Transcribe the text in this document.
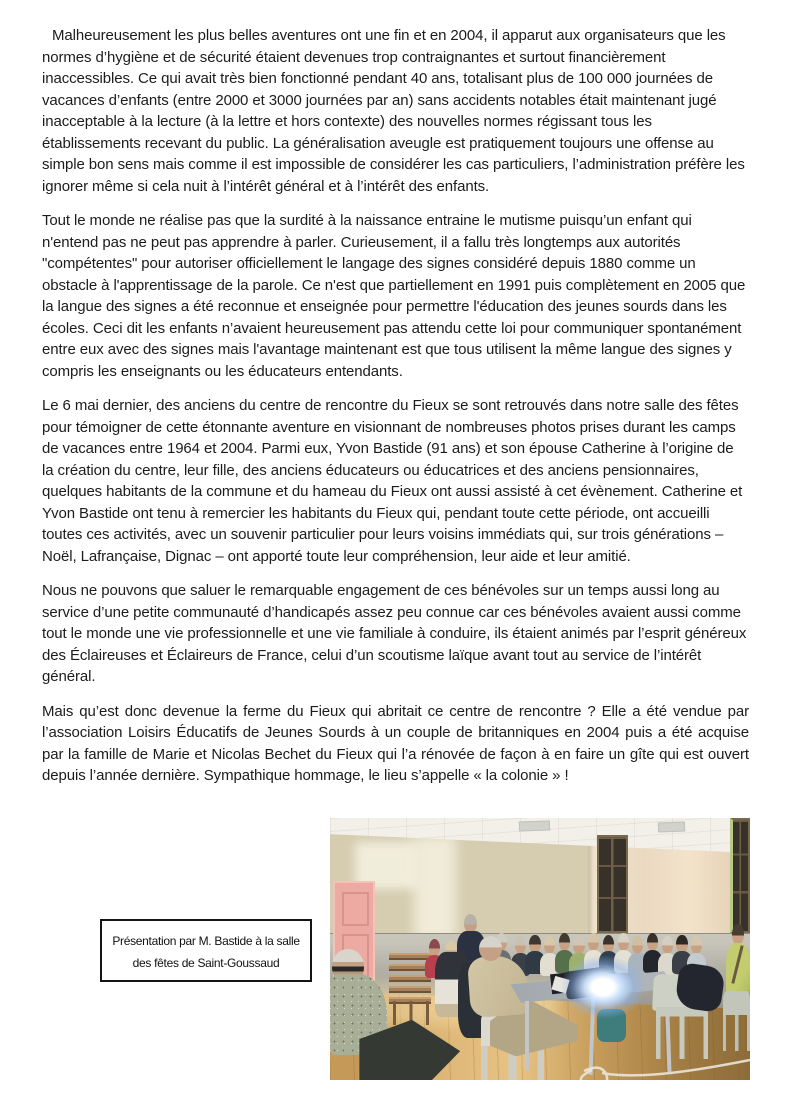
Malheureusement les plus belles aventures ont une fin et en 2004, il apparut aux organisateurs que les normes d’hygiène et de sécurité étaient devenues trop contraignantes et surtout financièrement inaccessibles. Ce qui avait très bien fonctionné pendant 40 ans, totalisant plus de 100 000 journées de vacances d’enfants (entre 2000 et 3000 journées par an) sans accidents notables était maintenant jugé inacceptable à la lecture (à la lettre et hors contexte) des nouvelles normes régissant tous les établissements recevant du public. La généralisation aveugle est pratiquement toujours une offense au simple bon sens mais comme il est impossible de considérer les cas particuliers, l’administration préfère les ignorer même si cela nuit à l’intérêt général et à l’intérêt des enfants.

Tout le monde ne réalise pas que la surdité à la naissance entraine le mutisme puisqu’un enfant qui n'entend pas ne peut pas apprendre à parler. Curieusement, il a fallu très longtemps aux autorités "compétentes" pour autoriser officiellement le langage des signes considéré depuis 1880 comme un obstacle à l'apprentissage de la parole. Ce n'est que partiellement en 1991 puis complètement en 2005 que la langue des signes a été reconnue et enseignée pour permettre l'éducation des jeunes sourds dans les écoles. Ceci dit les enfants n’avaient heureusement pas attendu cette loi pour communiquer spontanément entre eux avec des signes mais l'avantage maintenant est que tous utilisent la même langue des signes y compris les enseignants ou les éducateurs entendants.

Le 6 mai dernier, des anciens du centre de rencontre du Fieux se sont retrouvés dans notre salle des fêtes pour témoigner de cette étonnante aventure en visionnant de nombreuses photos prises durant les camps de vacances entre 1964 et 2004. Parmi eux, Yvon Bastide (91 ans) et son épouse Catherine à l’origine de la création du centre, leur fille, des anciens éducateurs ou éducatrices et des anciens pensionnaires, quelques habitants de la commune et du hameau du Fieux ont aussi assisté à cet évènement. Catherine et Yvon Bastide ont tenu à remercier les habitants du Fieux qui, pendant toute cette période, ont accueilli toutes ces activités, avec un souvenir particulier pour leurs voisins immédiats qui, sur trois générations – Noël, Lafrançaise, Dignac – ont apporté toute leur compréhension, leur aide et leur amitié.

Nous ne pouvons que saluer le remarquable engagement de ces bénévoles sur un temps aussi long au service d’une petite communauté d’handicapés assez peu connue car ces bénévoles avaient aussi comme tout le monde une vie professionnelle et une vie familiale à conduire, ils étaient animés par l’esprit généreux des Éclaireuses et Éclaireurs de France, celui d’un scoutisme laïque avant tout au service de l’intérêt général.

Mais qu’est donc devenue la ferme du Fieux qui abritait ce centre de rencontre ? Elle a été vendue par l’association Loisirs Éducatifs de Jeunes Sourds à un couple de britanniques en 2004 puis a été acquise par la famille de Marie et Nicolas Bechet du Fieux qui l’a rénovée de façon à en faire un gîte qui est ouvert depuis l’année dernière. Sympathique hommage, le lieu s’appelle « la colonie » !

Présentation par M. Bastide à la salle
des fêtes de Saint-Goussaud
